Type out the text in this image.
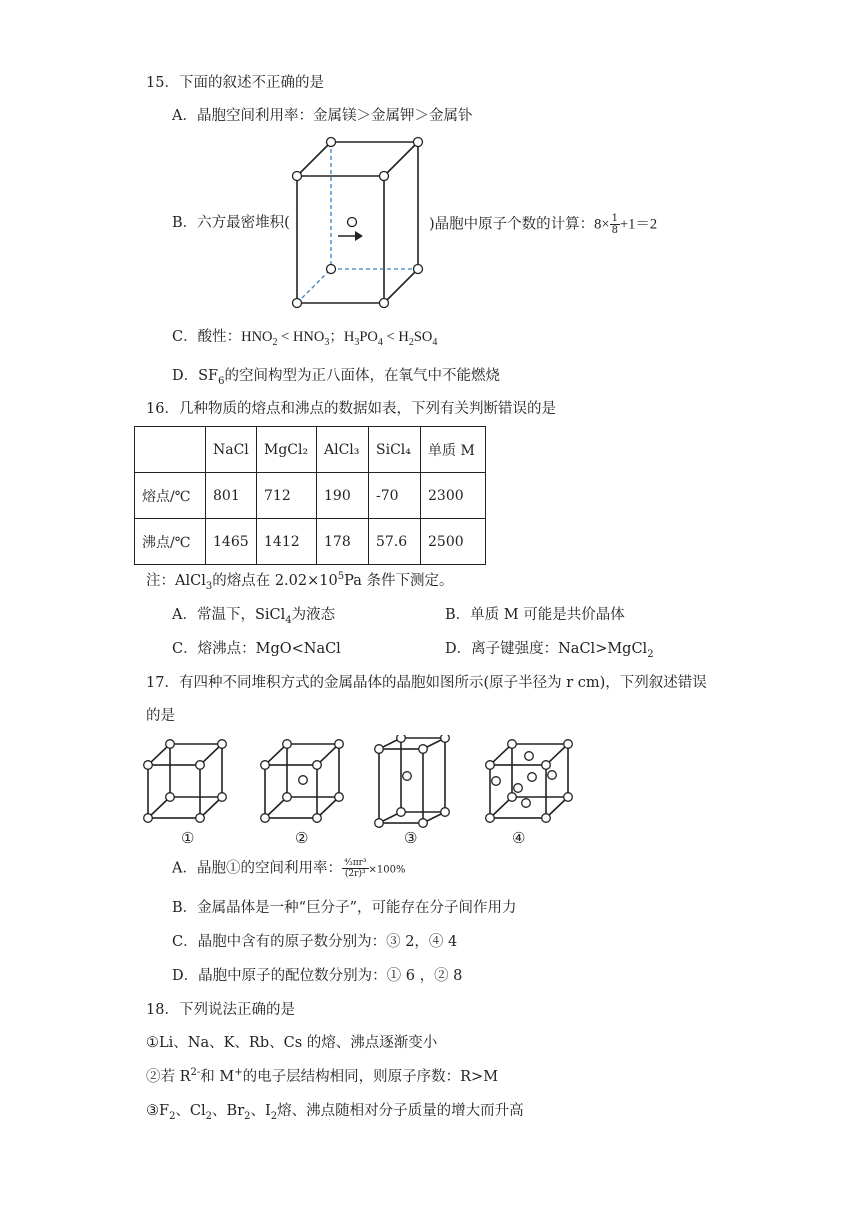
15．下面的叙述不正确的是
A．晶胞空间利用率：金属镁＞金属钾＞金属钋
B．六方最密堆积(	)晶胞中原子个数的计算：$8\times \frac{1}{8} +1=2$
C．酸性：$HNO_2 < HNO_3$；$H_3PO_4 < H_2SO_4$
D．$SF_6$的空间构型为正八面体，在氧气中不能燃烧
16．几种物质的熔点和沸点的数据如表，下列有关判断错误的是
	NaCl	MgCl₂	AlCl₃	SiCl₄	单质 M
熔点/℃	801	712	190	-70	2300
沸点/℃	1465	1412	178	57.6	2500
注：AlCl$_3$的熔点在 $2.02\times 10^5Pa$ 条件下测定。
A．常温下，SiCl$_4$为液态	B．单质 M 可能是共价晶体
C．熔沸点：MgO<NaCl	D．离子键强度：NaCl>MgCl$_2$
17．有四种不同堆积方式的金属晶体的晶胞如图所示(原子半径为 r cm)，下列叙述错误
的是
①	②	③	④
A．晶胞①的空间利用率： $\frac{\text{⁴⁄₃πr³}}{\text{(2r)³}} \times 100\%$
B．金属晶体是一种“巨分子”，可能存在分子间作用力
C．晶胞中含有的原子数分别为：③ 2，④ 4
D．晶胞中原子的配位数分别为：① 6 ，② 8
18．下列说法正确的是
①Li、Na、K、Rb、Cs 的熔、沸点逐渐变小
②若 $R^{2-}$和 M+的电子层结构相同，则原子序数：R>M
$③F_2$、$Cl_2$、$Br_2$、$I_2$熔、沸点随相对分子质量的增大而升高
